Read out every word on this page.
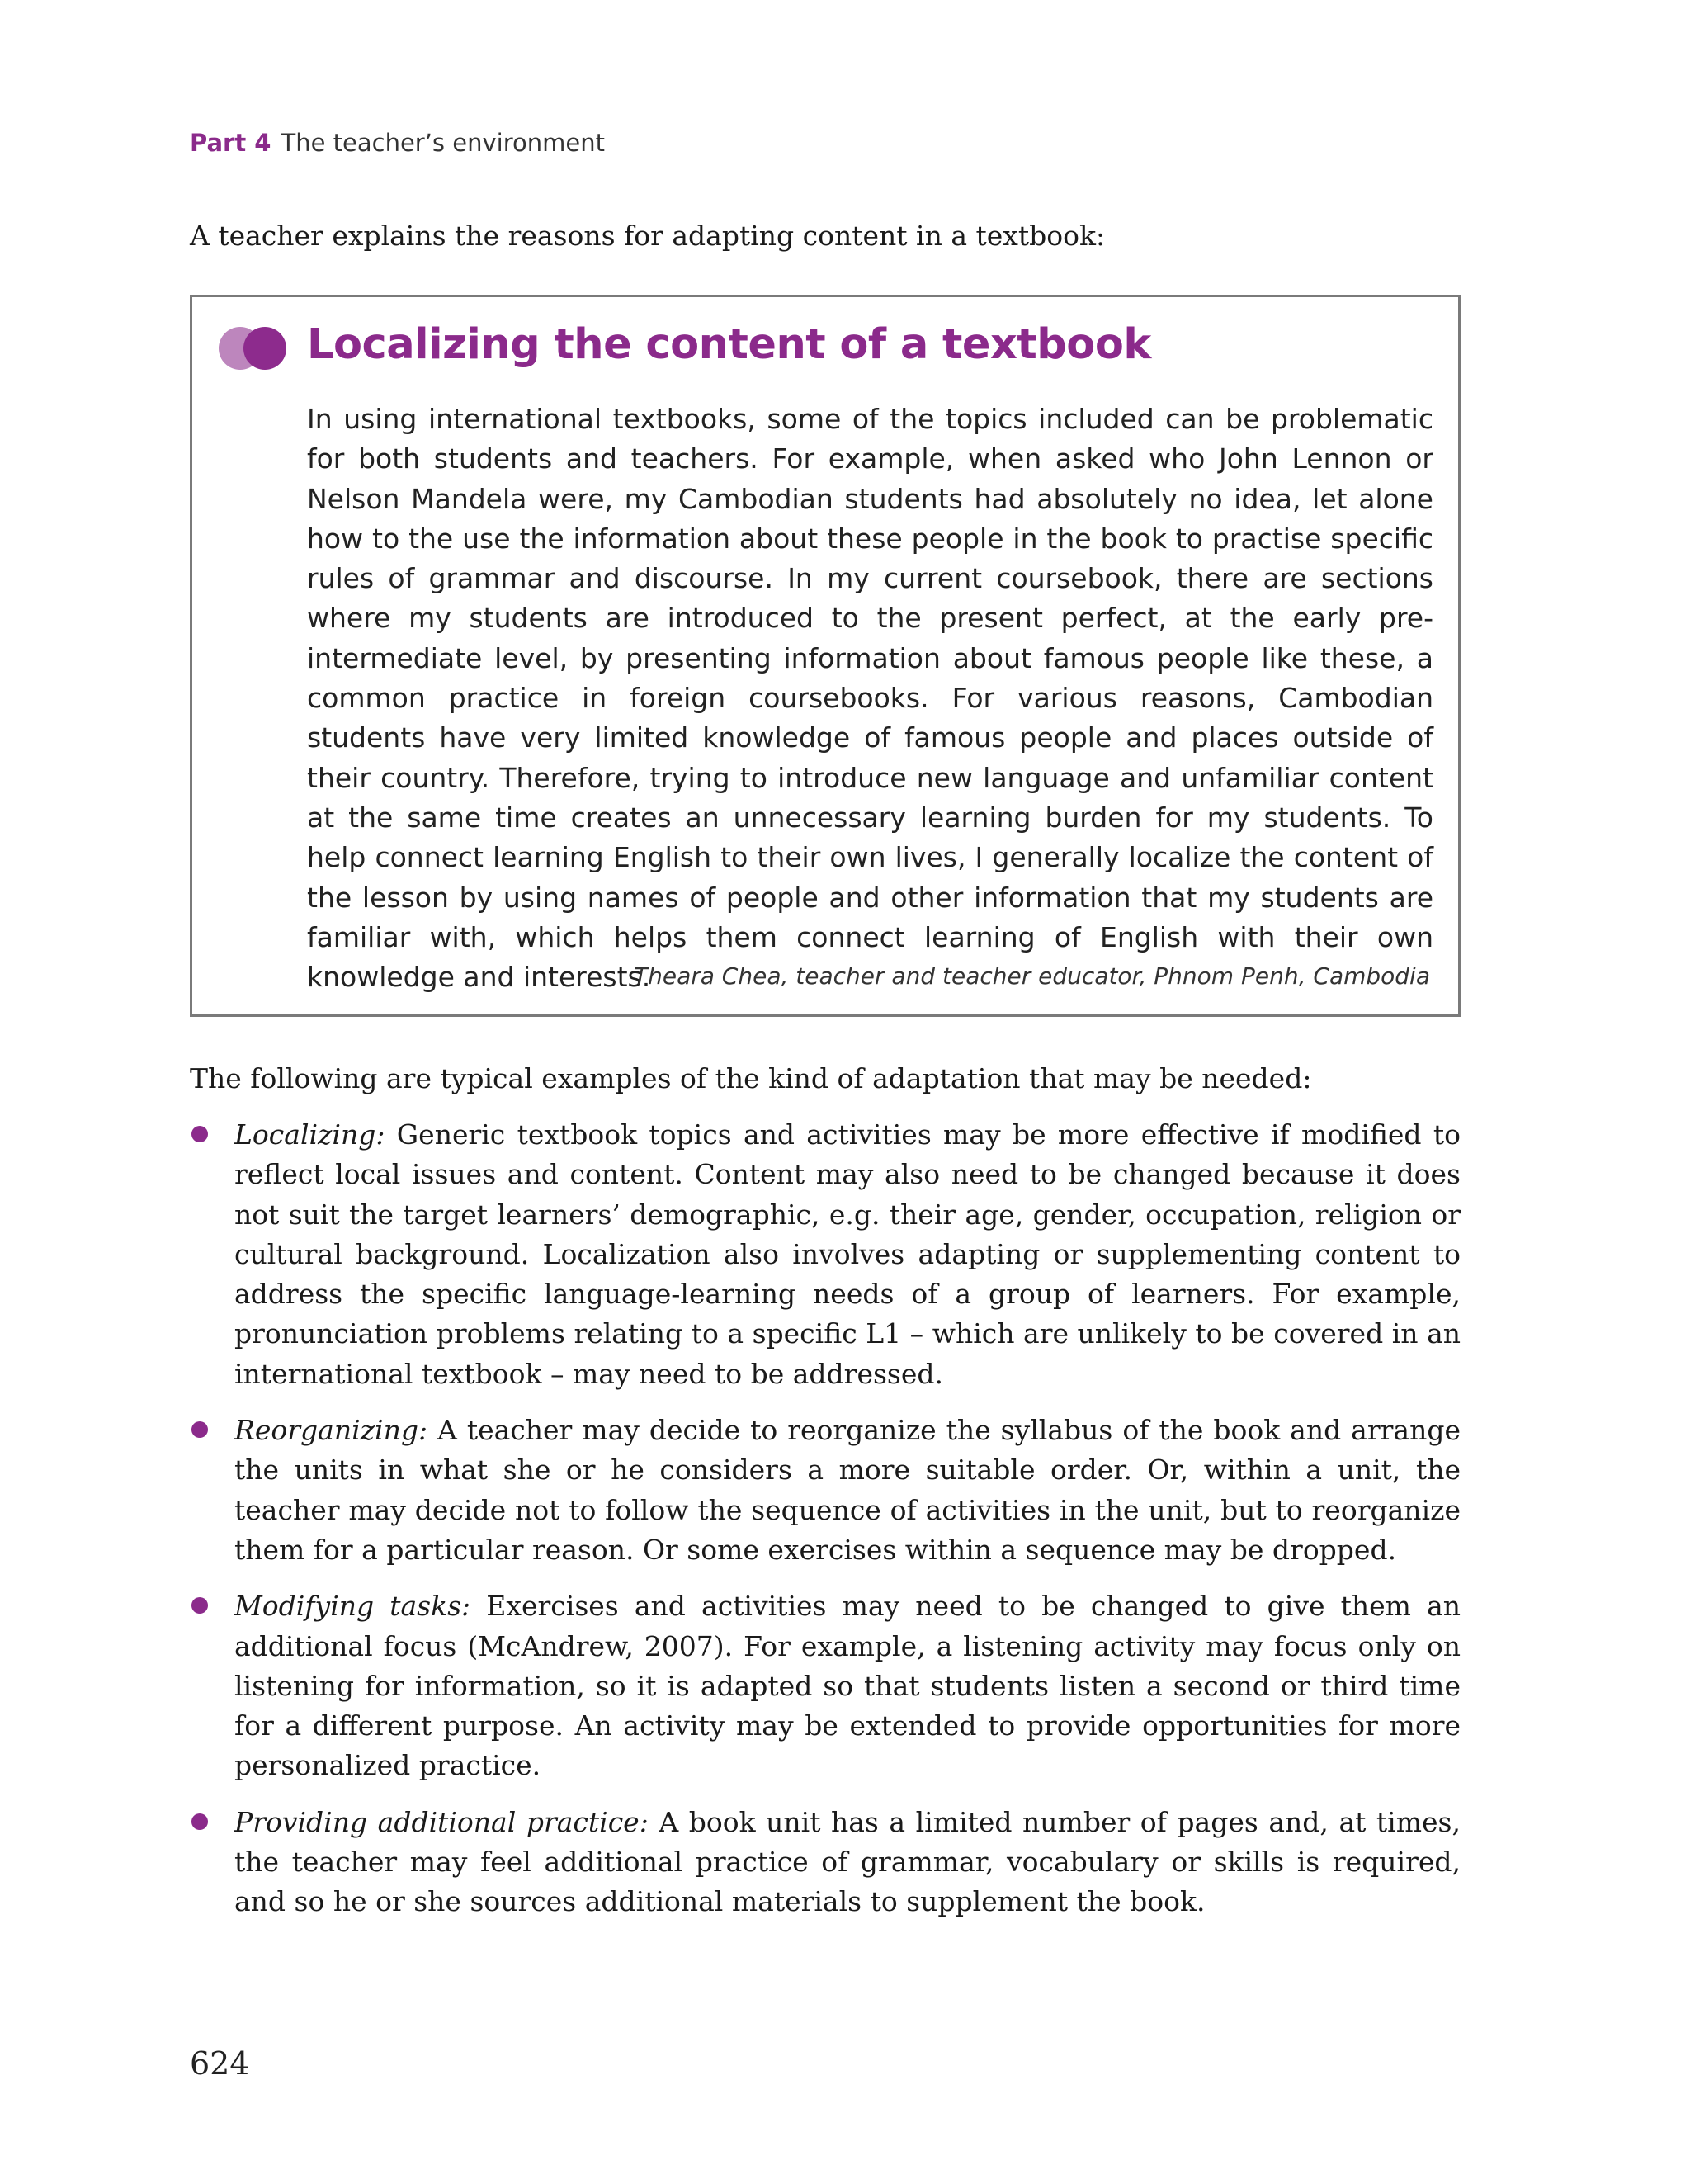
Part 4 The teacher’s environment
A teacher explains the reasons for adapting content in a textbook:
Localizing the content of a textbook
In using international textbooks, some of the topics included can be problematic for both students and teachers. For example, when asked who John Lennon or Nelson Mandela were, my Cambodian students had absolutely no idea, let alone how to the use the information about these people in the book to practise specific rules of grammar and discourse. In my current coursebook, there are sections where my students are introduced to the present perfect, at the early pre-intermediate level, by presenting information about famous people like these, a common practice in foreign coursebooks. For various reasons, Cambodian students have very limited knowledge of famous people and places outside of their country. Therefore, trying to introduce new language and unfamiliar content at the same time creates an unnecessary learning burden for my students. To help connect learning English to their own lives, I generally localize the content of the lesson by using names of people and other information that my students are familiar with, which helps them connect learning of English with their own knowledge and interests.
Theara Chea, teacher and teacher educator, Phnom Penh, Cambodia
The following are typical examples of the kind of adaptation that may be needed:
Localizing: Generic textbook topics and activities may be more effective if modified to reflect local issues and content. Content may also need to be changed because it does not suit the target learners’ demographic, e.g. their age, gender, occupation, religion or cultural background. Localization also involves adapting or supplementing content to address the specific language-learning needs of a group of learners. For example, pronunciation problems relating to a specific L1 – which are unlikely to be covered in an international textbook – may need to be addressed.
Reorganizing: A teacher may decide to reorganize the syllabus of the book and arrange the units in what she or he considers a more suitable order. Or, within a unit, the teacher may decide not to follow the sequence of activities in the unit, but to reorganize them for a particular reason. Or some exercises within a sequence may be dropped.
Modifying tasks: Exercises and activities may need to be changed to give them an additional focus (McAndrew, 2007). For example, a listening activity may focus only on listening for information, so it is adapted so that students listen a second or third time for a different purpose. An activity may be extended to provide opportunities for more personalized practice.
Providing additional practice: A book unit has a limited number of pages and, at times, the teacher may feel additional practice of grammar, vocabulary or skills is required, and so he or she sources additional materials to supplement the book.
624
